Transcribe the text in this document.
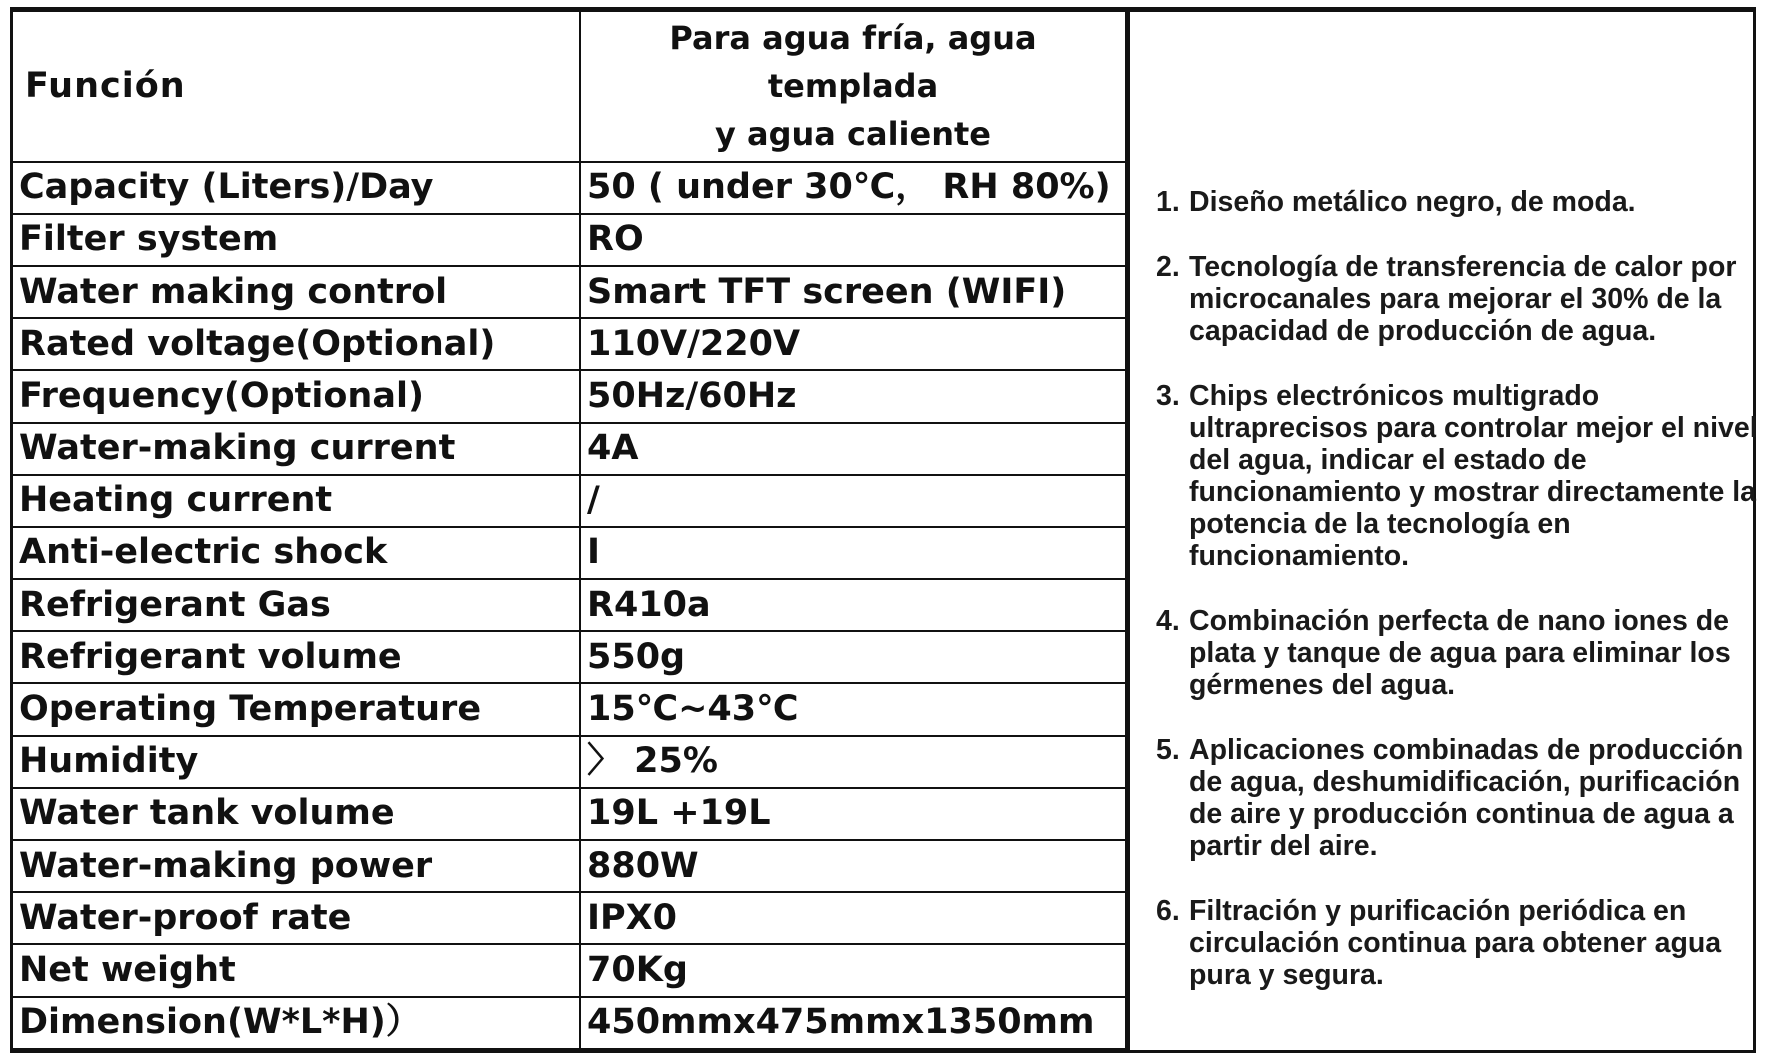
Función	Para agua fría, agua templada
y agua caliente
Capacity (Liters)/Day	50 ( under 30℃， RH 80%)
Filter system	RO
Water making control	Smart TFT screen (WIFI)
Rated voltage(Optional)	110V/220V
Frequency(Optional)	50Hz/60Hz
Water-making current	4A
Heating current	/
Anti-electric shock	I
Refrigerant Gas	R410a
Refrigerant volume	550g
Operating Temperature	15℃~43℃
Humidity	〉 25%
Water tank volume	19L +19L
Water-making power	880W
Water-proof rate	IPX0
Net weight	70Kg
Dimension(W*L*H)）	450mmx475mmx1350mm
1. Diseño metálico negro, de moda.
2. Tecnología de transferencia de calor por microcanales para mejorar el 30% de la capacidad de producción de agua.
3. Chips electrónicos multigrado ultraprecisos para controlar mejor el nivel del agua, indicar el estado de funcionamiento y mostrar directamente la potencia de la tecnología en funcionamiento.
4. Combinación perfecta de nano iones de plata y tanque de agua para eliminar los gérmenes del agua.
5. Aplicaciones combinadas de producción de agua, deshumidificación, purificación de aire y producción continua de agua a partir del aire.
6. Filtración y purificación periódica en circulación continua para obtener agua pura y segura.
